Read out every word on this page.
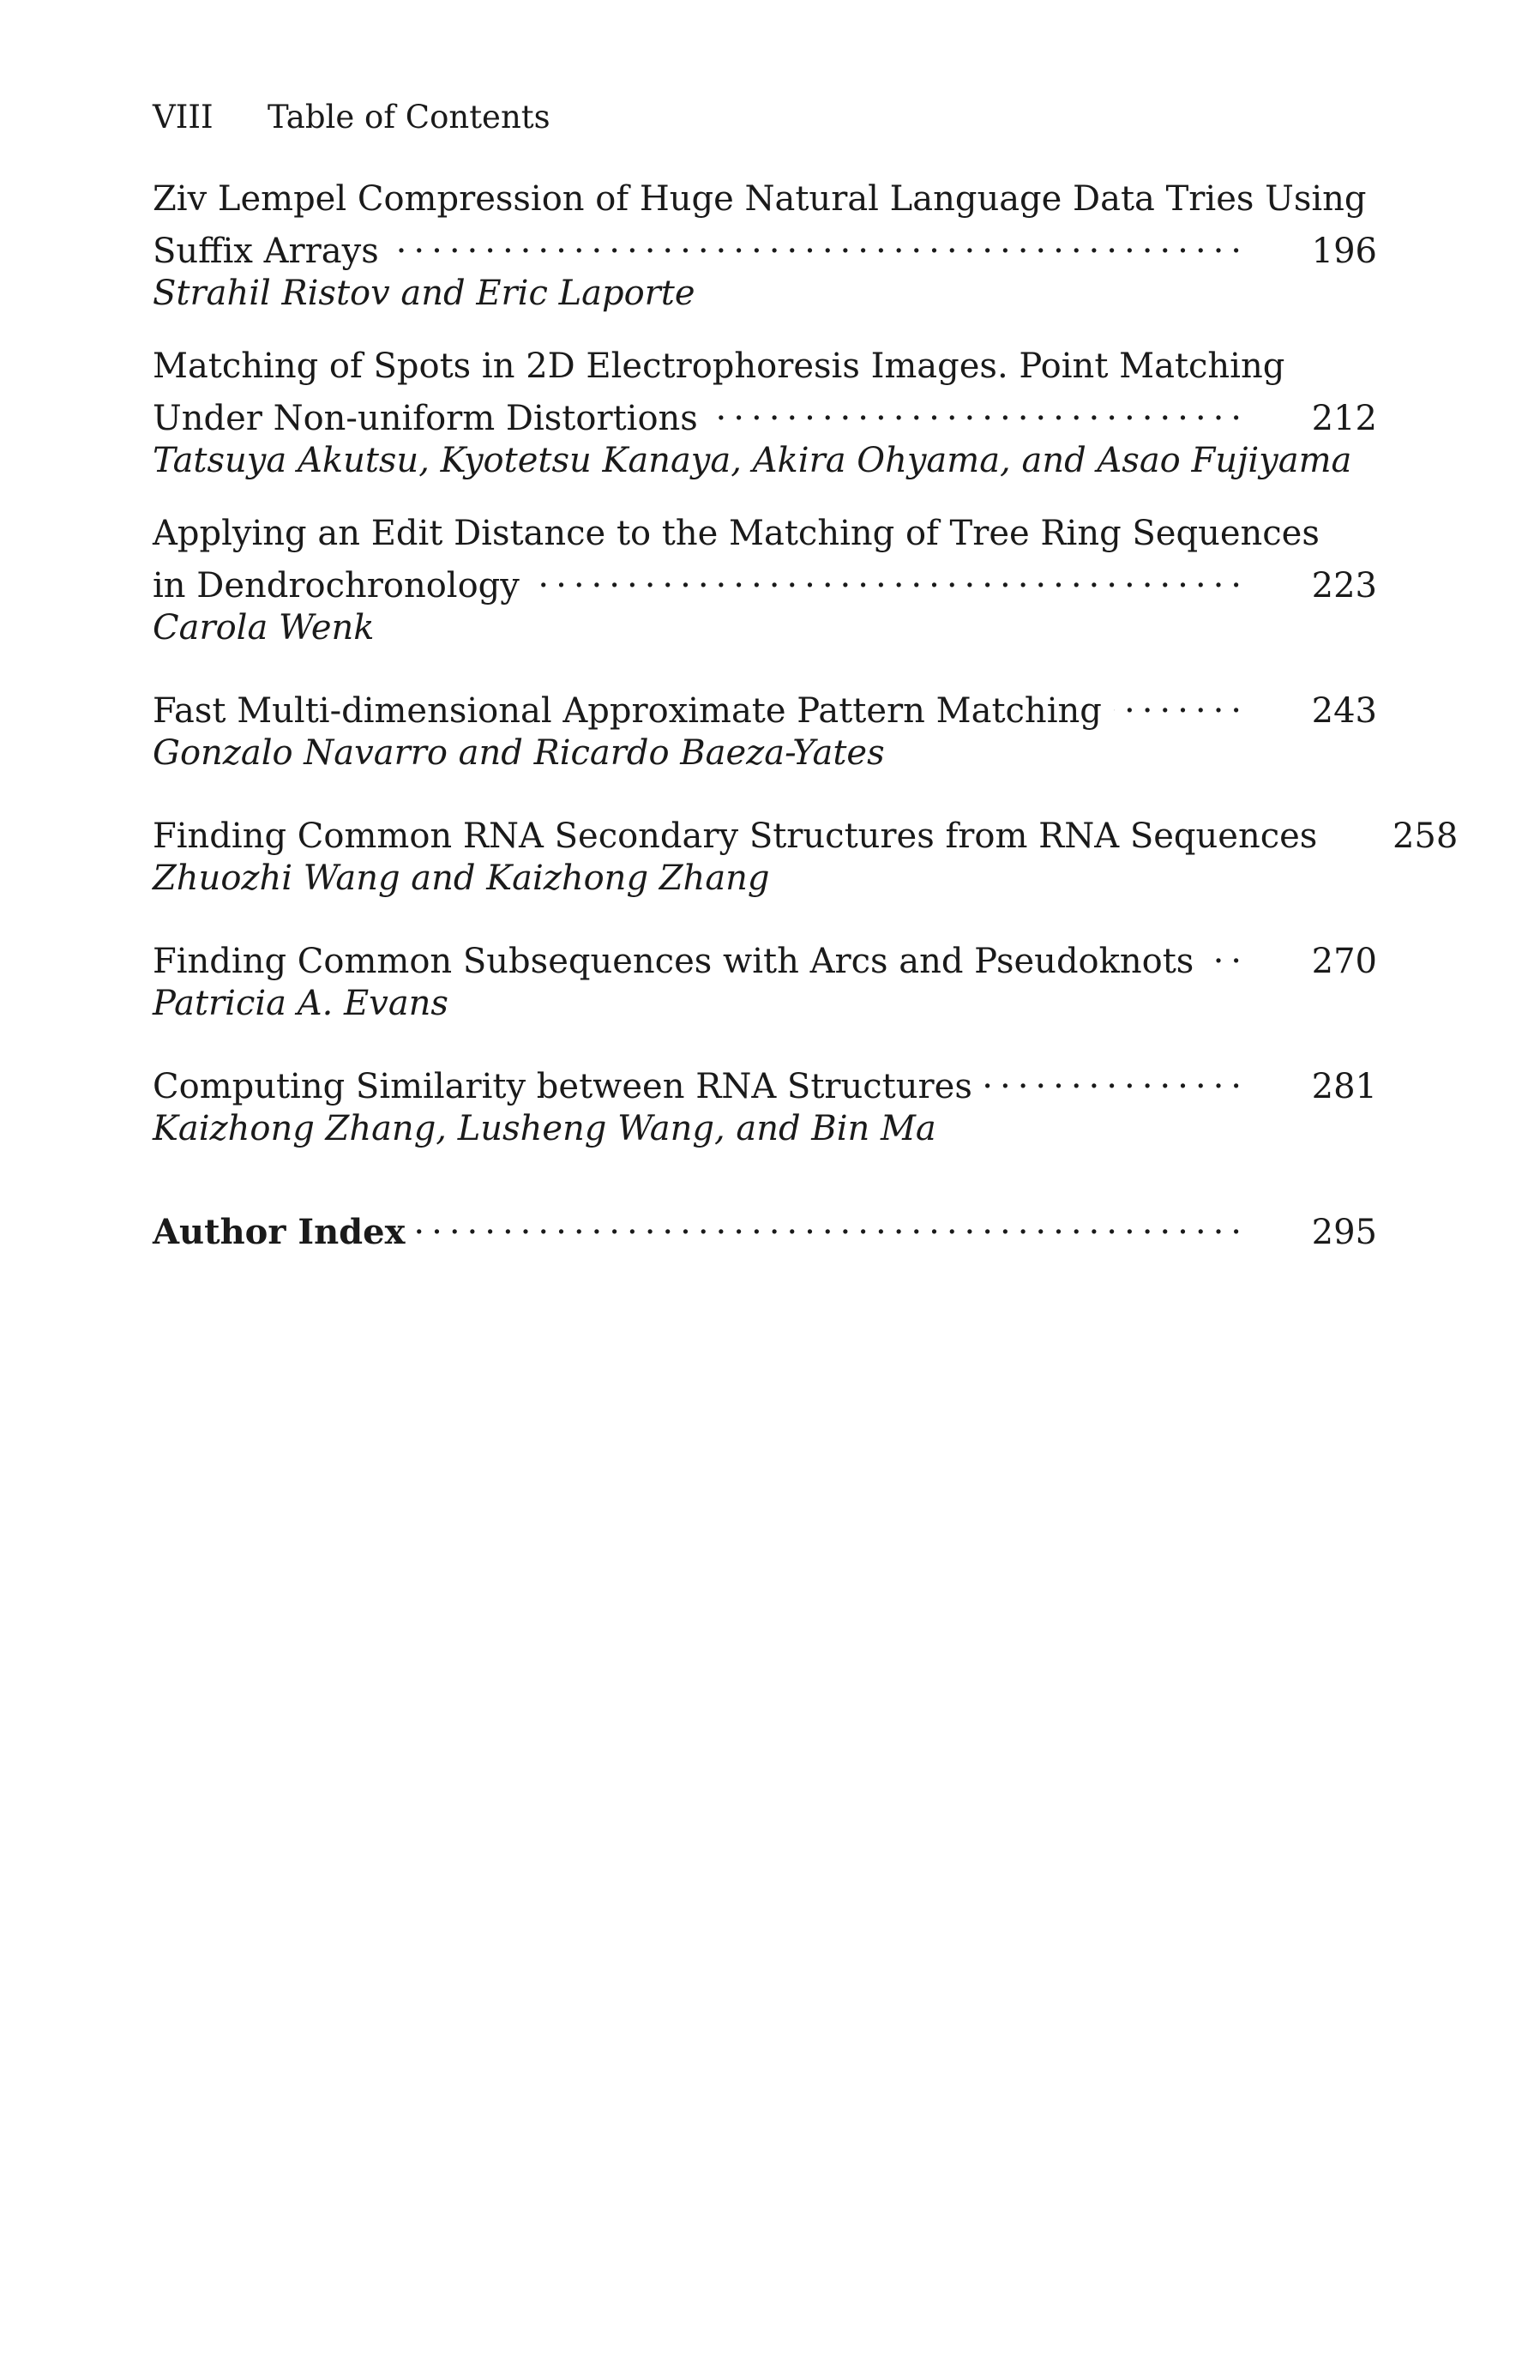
VIII Table of Contents
Ziv Lempel Compression of Huge Natural Language Data Tries Using
Suffix Arrays .....	196
Strahil Ristov and Eric Laporte
Matching of Spots in 2D Electrophoresis Images. Point Matching
Under Non-uniform Distortions .....	212
Tatsuya Akutsu, Kyotetsu Kanaya, Akira Ohyama, and Asao Fujiyama
Applying an Edit Distance to the Matching of Tree Ring Sequences
in Dendrochronology .....	223
Carola Wenk
Fast Multi-dimensional Approximate Pattern Matching .....	243
Gonzalo Navarro and Ricardo Baeza-Yates
Finding Common RNA Secondary Structures from RNA Sequences	258
Zhuozhi Wang and Kaizhong Zhang
Finding Common Subsequences with Arcs and Pseudoknots .....	270
Patricia A. Evans
Computing Similarity between RNA Structures .....	281
Kaizhong Zhang, Lusheng Wang, and Bin Ma
Author Index .....	295
